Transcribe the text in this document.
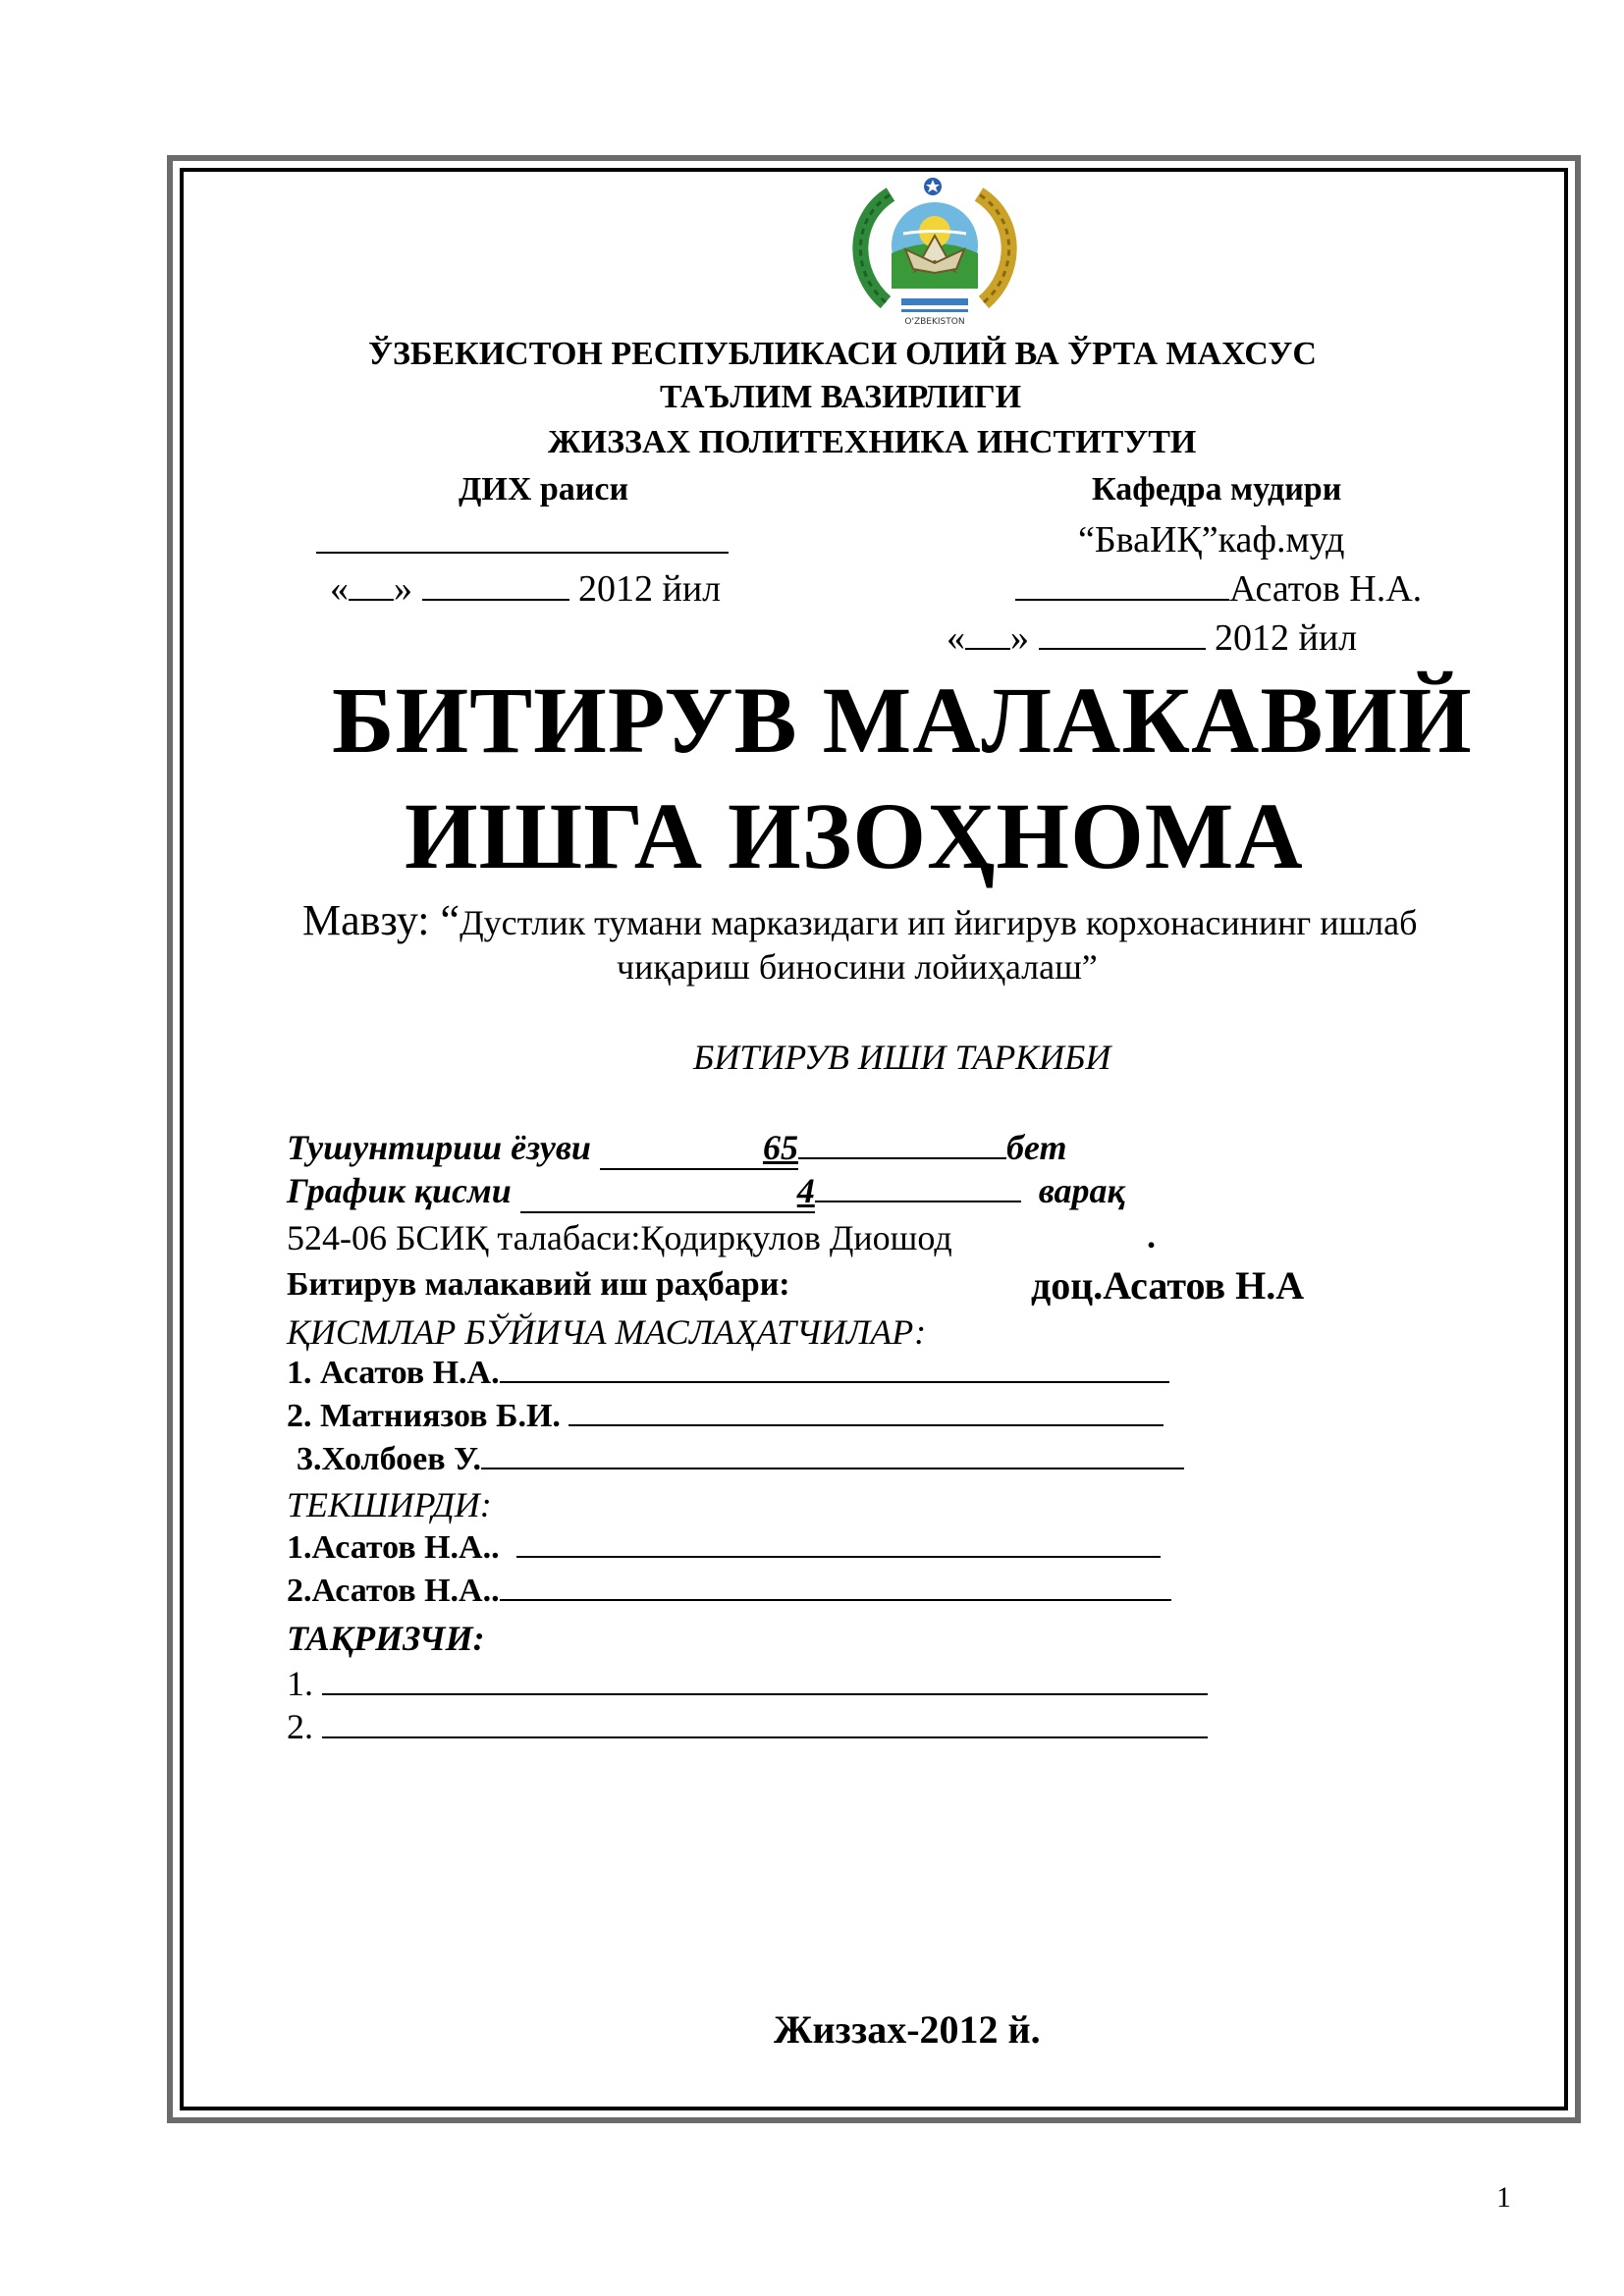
O'ZBEKISTON
ЎЗБЕКИСТОН РЕСПУБЛИКАСИ ОЛИЙ ВА ЎРТА МАХСУС
ТАЪЛИМ ВАЗИРЛИГИ
ЖИЗЗАХ ПОЛИТЕХНИКА ИНСТИТУТИ
ДИХ раиси
« »	2012 йил
Кафедра мудири
“БваИҚ”каф.муд
Асатов Н.А.
« »	2012 йил
БИТИРУВ МАЛАКАВИЙ
ИШГА ИЗОҲНОМА
Мавзу: “Дустлик тумани марказидаги ип йигирув корхонасининг ишлаб
чиқариш биносини лойиҳалаш”
БИТИРУВ ИШИ ТАРКИБИ
Тушунтириш ёзуви	65	бет
График қисми	4	варақ
524-06 БСИҚ талабаси:Қодирқулов Диошод	.
Битирув малакавий иш раҳбари:	доц.Асатов Н.А
ҚИСМЛАР БЎЙИЧА МАСЛАҲАТЧИЛАР:
1. Асатов Н.А.
2. Матниязов Б.И.
3.Холбоев У.
ТЕКШИРДИ:
1.Асатов Н.А..
2.Асатов Н.А..
ТАҚРИЗЧИ:
1.
2.
Жиззах-2012 й.
1
